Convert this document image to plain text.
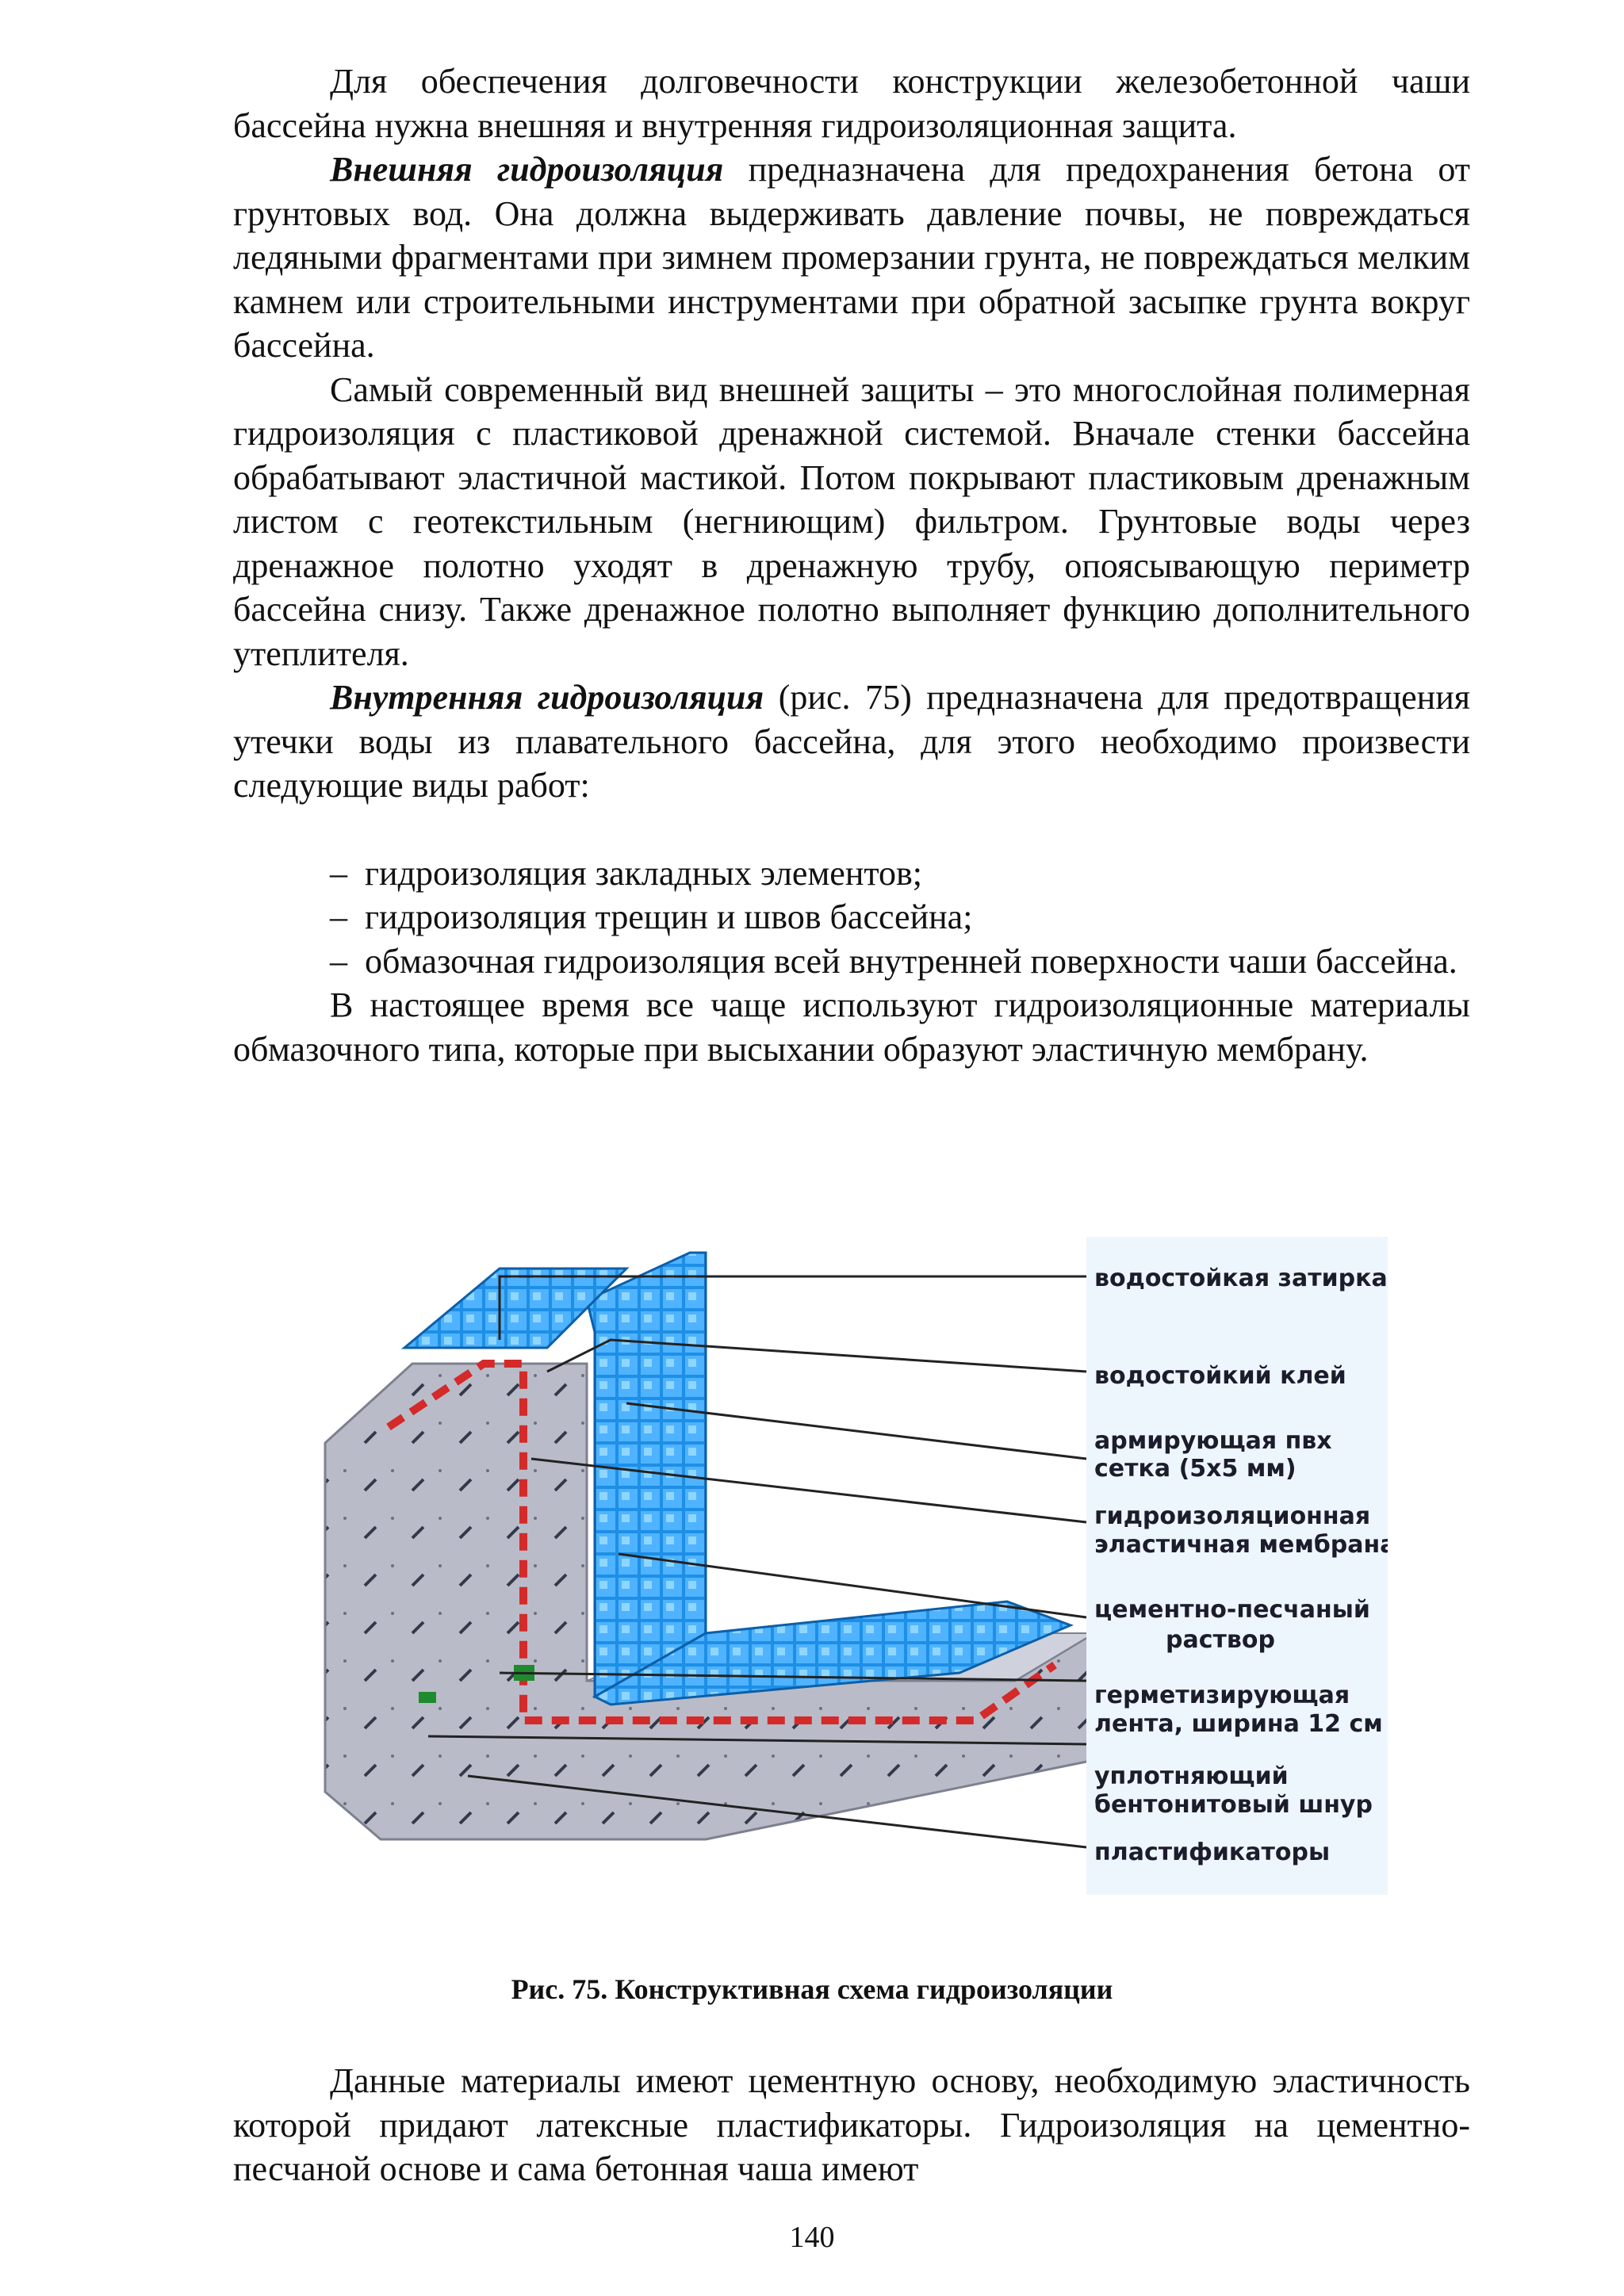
Для обеспечения долговечности конструкции железобетонной чаши бассейна нужна внешняя и внутренняя гидроизоляционная защита.

Внешняя гидроизоляция предназначена для предохранения бетона от грунтовых вод. Она должна выдерживать давление почвы, не повреждаться ледяными фрагментами при зимнем промерзании грунта, не повреждаться мелким камнем или строительными инструментами при обратной засыпке грунта вокруг бассейна.

Самый современный вид внешней защиты – это многослойная полимерная гидроизоляция с пластиковой дренажной системой. Вначале стенки бассейна обрабатывают эластичной мастикой. Потом покрывают пластиковым дренажным листом с геотекстильным (негниющим) фильтром. Грунтовые воды через дренажное полотно уходят в дренажную трубу, опоясывающую периметр бассейна снизу. Также дренажное полотно выполняет функцию дополнительного утеплителя.

Внутренняя гидроизоляция (рис. 75) предназначена для предотвращения утечки воды из плавательного бассейна, для этого необходимо произвести следующие виды работ:

– гидроизоляция закладных элементов;
– гидроизоляция трещин и швов бассейна;
– обмазочная гидроизоляция всей внутренней поверхности чаши бассейна.

В настоящее время все чаще используют гидроизоляционные материалы обмазочного типа, которые при высыхании образуют эластичную мембрану.

водостойкая затирка
водостойкий клей
армирующая пвх
сетка (5х5 мм)
гидроизоляционная
эластичная мембрана
цементно-песчаный
раствор
герметизирующая
лента, ширина 12 см
уплотняющий
бентонитовый шнур
пластификаторы
Рис. 75. Конструктивная схема гидроизоляции

Данные материалы имеют цементную основу, необходимую эластичность которой придают латексные пластификаторы. Гидроизоляция на цементно-песчаной основе и сама бетонная чаша имеют

140
